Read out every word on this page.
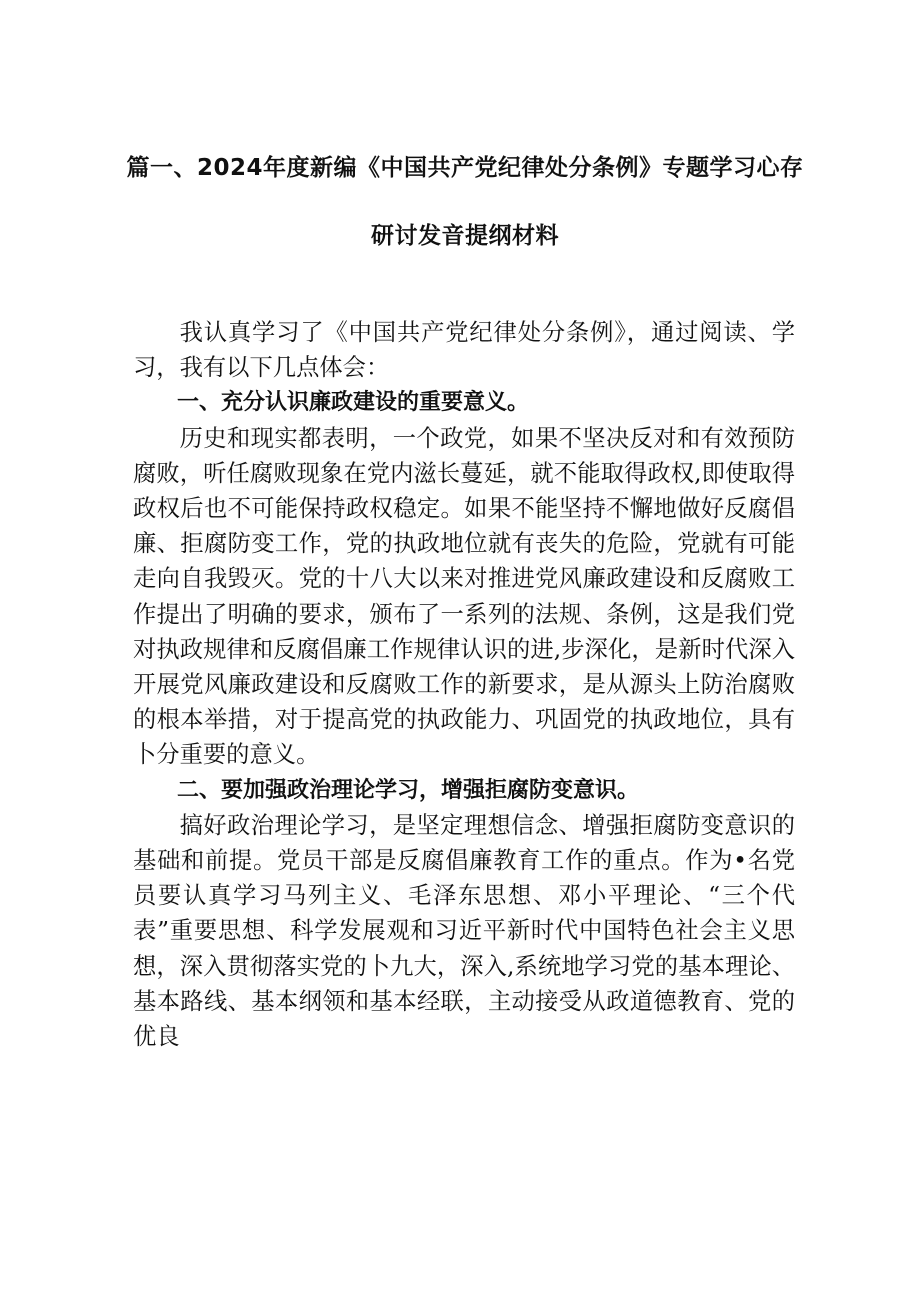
篇一、2024年度新编《中国共产党纪律处分条例》专题学习心存
研讨发音提纲材料

我认真学习了《中国共产党纪律处分条例》，通过阅读、学习，我有以下几点体会：

一、充分认识廉政建设的重要意义。

历史和现实都表明，一个政党，如果不坚决反对和有效预防腐败，听任腐败现象在党内滋长蔓延，就不能取得政权,即使取得政权后也不可能保持政权稳定。如果不能坚持不懈地做好反腐倡廉、拒腐防变工作，党的执政地位就有丧失的危险，党就有可能走向自我毁灭。党的十八大以来对推进党风廉政建设和反腐败工作提出了明确的要求，颁布了一系列的法规、条例，这是我们党对执政规律和反腐倡廉工作规律认识的进,步深化，是新时代深入开展党风廉政建设和反腐败工作的新要求，是从源头上防治腐败的根本举措，对于提高党的执政能力、巩固党的执政地位，具有卜分重要的意义。

二、要加强政治理论学习，增强拒腐防变意识。

搞好政治理论学习，是坚定理想信念、增强拒腐防变意识的基础和前提。党员干部是反腐倡廉教育工作的重点。作为•名党员要认真学习马列主义、毛泽东思想、邓小平理论、“三个代表”重要思想、科学发展观和习近平新时代中国特色社会主义思想，深入贯彻落实党的卜九大，深入,系统地学习党的基本理论、基本路线、基本纲领和基本经联，主动接受从政道德教育、党的优良
